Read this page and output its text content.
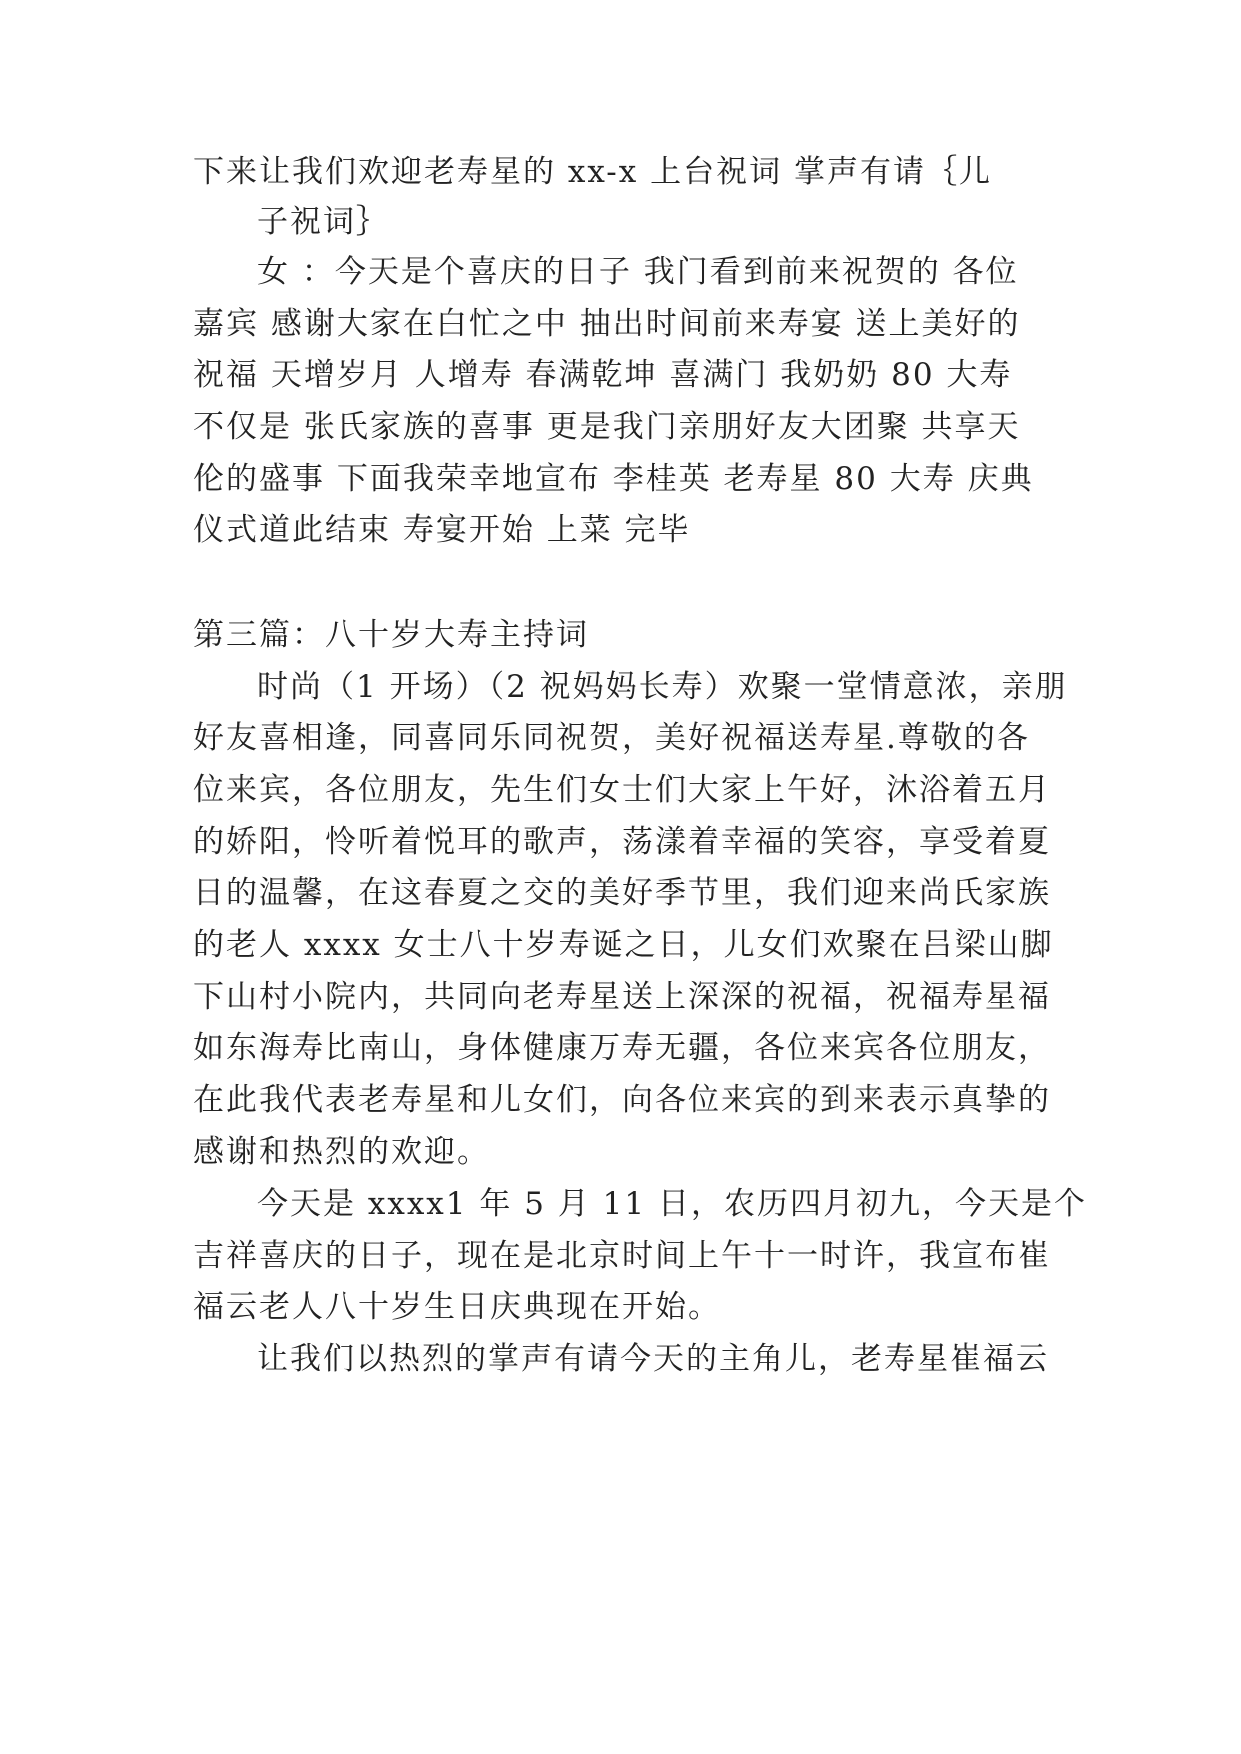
下来让我们欢迎老寿星的 xx-x 上台祝词 掌声有请｛儿
子祝词｝
女 ：今天是个喜庆的日子 我门看到前来祝贺的 各位
嘉宾 感谢大家在白忙之中 抽出时间前来寿宴 送上美好的
祝福 天增岁月 人增寿 春满乾坤 喜满门 我奶奶 80 大寿
不仅是 张氏家族的喜事 更是我门亲朋好友大团聚 共享天
伦的盛事 下面我荣幸地宣布 李桂英 老寿星 80 大寿 庆典
仪式道此结束 寿宴开始 上菜 完毕
第三篇：八十岁大寿主持词
时尚（1 开场）（2 祝妈妈长寿）欢聚一堂情意浓，亲朋
好友喜相逢，同喜同乐同祝贺，美好祝福送寿星.尊敬的各
位来宾，各位朋友，先生们女士们大家上午好，沐浴着五月
的娇阳，怜听着悦耳的歌声，荡漾着幸福的笑容，享受着夏
日的温馨，在这春夏之交的美好季节里，我们迎来尚氏家族
的老人 xxxx 女士八十岁寿诞之日，儿女们欢聚在吕梁山脚
下山村小院内，共同向老寿星送上深深的祝福，祝福寿星福
如东海寿比南山，身体健康万寿无疆，各位来宾各位朋友，
在此我代表老寿星和儿女们，向各位来宾的到来表示真挚的
感谢和热烈的欢迎。
今天是 xxxx1 年 5 月 11 日，农历四月初九，今天是个
吉祥喜庆的日子，现在是北京时间上午十一时许，我宣布崔
福云老人八十岁生日庆典现在开始。
让我们以热烈的掌声有请今天的主角儿，老寿星崔福云
